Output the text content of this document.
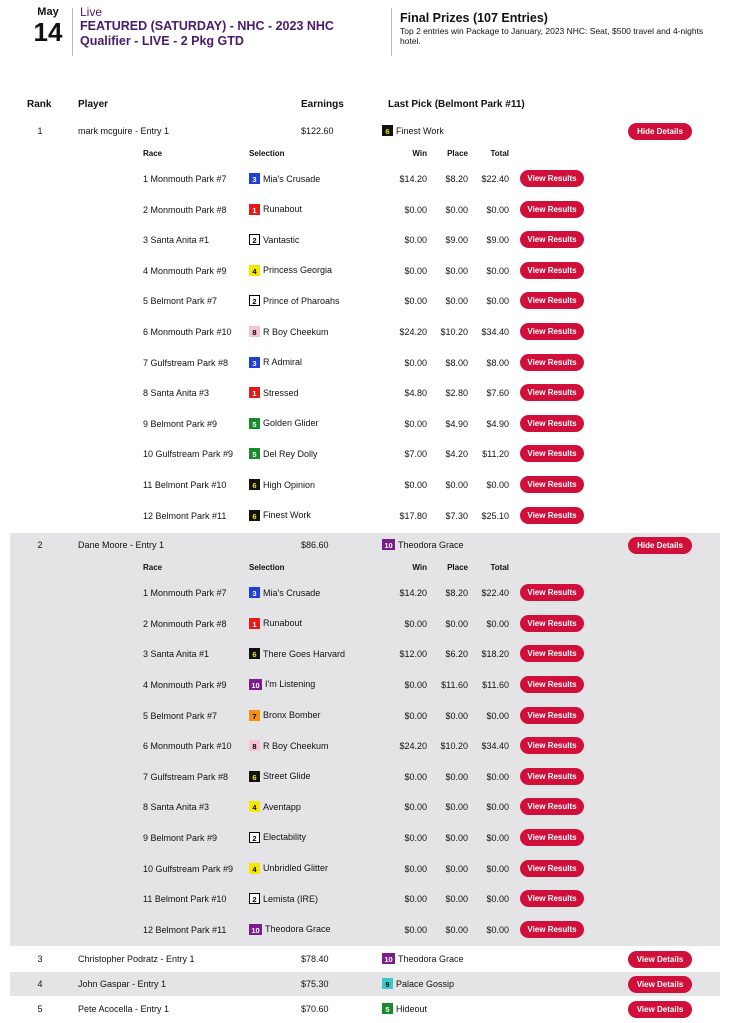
May
14
Live
FEATURED (SATURDAY) - NHC - 2023 NHC Qualifier - LIVE - 2 Pkg GTD
Final Prizes (107 Entries)
Top 2 entries win Package to January, 2023 NHC: Seat, $500 travel and 4-nights hotel.
Rank	Player	Earnings	Last Pick (Belmont Park #11)
1	mark mcguire - Entry 1	$122.60	6 Finest Work	Hide Details
Race	Selection	Win	Place	Total
1 Monmouth Park #7	3 Mia's Crusade	$14.20	$8.20	$22.40	View Results
2 Monmouth Park #8	1 Runabout	$0.00	$0.00	$0.00	View Results
3 Santa Anita #1	2 Vantastic	$0.00	$9.00	$9.00	View Results
4 Monmouth Park #9	4 Princess Georgia	$0.00	$0.00	$0.00	View Results
5 Belmont Park #7	2 Prince of Pharoahs	$0.00	$0.00	$0.00	View Results
6 Monmouth Park #10	8 R Boy Cheekum	$24.20	$10.20	$34.40	View Results
7 Gulfstream Park #8	3 R Admiral	$0.00	$8.00	$8.00	View Results
8 Santa Anita #3	1 Stressed	$4.80	$2.80	$7.60	View Results
9 Belmont Park #9	5 Golden Glider	$0.00	$4.90	$4.90	View Results
10 Gulfstream Park #9	5 Del Rey Dolly	$7.00	$4.20	$11.20	View Results
11 Belmont Park #10	6 High Opinion	$0.00	$0.00	$0.00	View Results
12 Belmont Park #11	6 Finest Work	$17.80	$7.30	$25.10	View Results
2	Dane Moore - Entry 1	$86.60	10 Theodora Grace	Hide Details
Race	Selection	Win	Place	Total
1 Monmouth Park #7	3 Mia's Crusade	$14.20	$8.20	$22.40	View Results
2 Monmouth Park #8	1 Runabout	$0.00	$0.00	$0.00	View Results
3 Santa Anita #1	6 There Goes Harvard	$12.00	$6.20	$18.20	View Results
4 Monmouth Park #9	10 I'm Listening	$0.00	$11.60	$11.60	View Results
5 Belmont Park #7	7 Bronx Bomber	$0.00	$0.00	$0.00	View Results
6 Monmouth Park #10	8 R Boy Cheekum	$24.20	$10.20	$34.40	View Results
7 Gulfstream Park #8	6 Street Glide	$0.00	$0.00	$0.00	View Results
8 Santa Anita #3	4 Aventapp	$0.00	$0.00	$0.00	View Results
9 Belmont Park #9	2 Electability	$0.00	$0.00	$0.00	View Results
10 Gulfstream Park #9	4 Unbridled Glitter	$0.00	$0.00	$0.00	View Results
11 Belmont Park #10	2 Lemista (IRE)	$0.00	$0.00	$0.00	View Results
12 Belmont Park #11	10 Theodora Grace	$0.00	$0.00	$0.00	View Results
3	Christopher Podratz - Entry 1	$78.40	10 Theodora Grace	View Details
4	John Gaspar - Entry 1	$75.30	9 Palace Gossip	View Details
5	Pete Acocella - Entry 1	$70.60	5 Hideout	View Details
